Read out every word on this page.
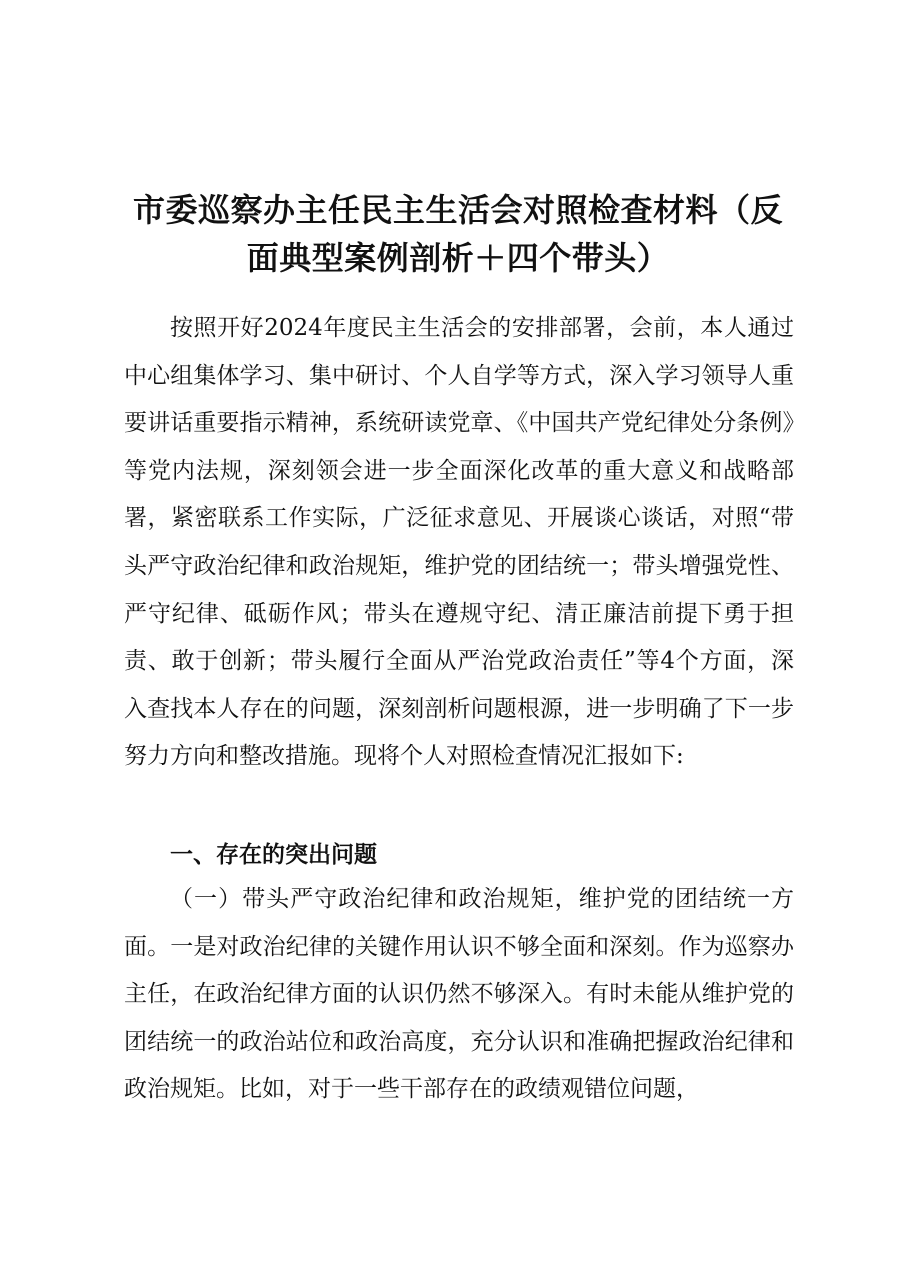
市委巡察办主任民主生活会对照检查材料（反面典型案例剖析＋四个带头）
按照开好2024年度民主生活会的安排部署，会前，本人通过中心组集体学习、集中研讨、个人自学等方式，深入学习领导人重要讲话重要指示精神，系统研读党章、《中国共产党纪律处分条例》等党内法规，深刻领会进一步全面深化改革的重大意义和战略部署，紧密联系工作实际，广泛征求意见、开展谈心谈话，对照“带头严守政治纪律和政治规矩，维护党的团结统一；带头增强党性、严守纪律、砥砺作风；带头在遵规守纪、清正廉洁前提下勇于担责、敢于创新；带头履行全面从严治党政治责任”等4个方面，深入查找本人存在的问题，深刻剖析问题根源，进一步明确了下一步努力方向和整改措施。现将个人对照检查情况汇报如下:
一、存在的突出问题
（一）带头严守政治纪律和政治规矩，维护党的团结统一方面。一是对政治纪律的关键作用认识不够全面和深刻。作为巡察办主任，在政治纪律方面的认识仍然不够深入。有时未能从维护党的团结统一的政治站位和政治高度，充分认识和准确把握政治纪律和政治规矩。比如，对于一些干部存在的政绩观错位问题，
